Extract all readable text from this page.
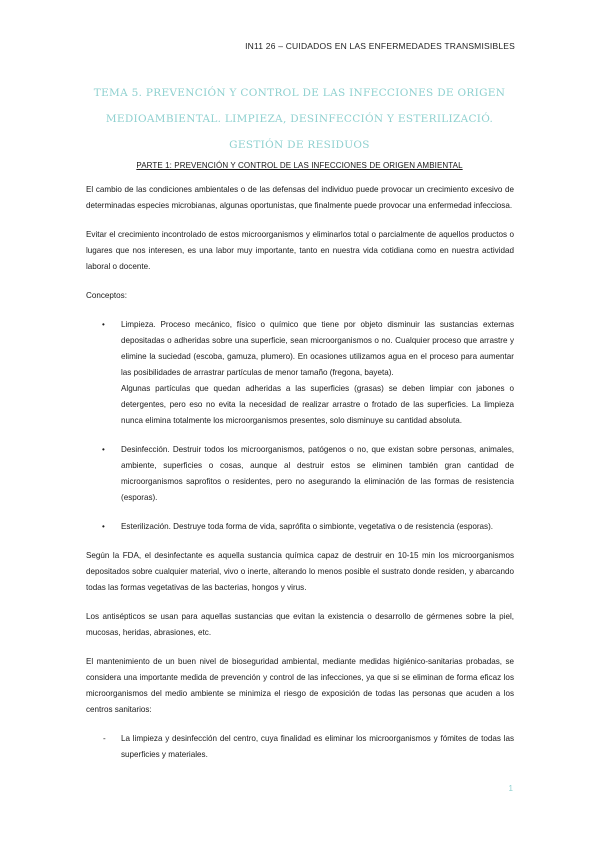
IN11 26 – CUIDADOS EN LAS ENFERMEDADES TRANSMISIBLES
TEMA 5. PREVENCIÓN Y CONTROL DE LAS INFECCIONES DE ORIGEN
MEDIOAMBIENTAL. LIMPIEZA, DESINFECCIÓN Y ESTERILIZACIÓ.
GESTIÓN DE RESIDUOS
PARTE 1: PREVENCIÓN Y CONTROL DE LAS INFECCIONES DE ORIGEN AMBIENTAL

El cambio de las condiciones ambientales o de las defensas del individuo puede provocar un crecimiento excesivo de determinadas especies microbianas, algunas oportunistas, que finalmente puede provocar una enfermedad infecciosa.

Evitar el crecimiento incontrolado de estos microorganismos y eliminarlos total o parcialmente de aquellos productos o lugares que nos interesen, es una labor muy importante, tanto en nuestra vida cotidiana como en nuestra actividad laboral o docente.

Conceptos:

• Limpieza. Proceso mecánico, físico o químico que tiene por objeto disminuir las sustancias externas depositadas o adheridas sobre una superficie, sean microorganismos o no. Cualquier proceso que arrastre y elimine la suciedad (escoba, gamuza, plumero). En ocasiones utilizamos agua en el proceso para aumentar las posibilidades de arrastrar partículas de menor tamaño (fregona, bayeta).

Algunas partículas que quedan adheridas a las superficies (grasas) se deben limpiar con jabones o detergentes, pero eso no evita la necesidad de realizar arrastre o frotado de las superficies. La limpieza nunca elimina totalmente los microorganismos presentes, solo disminuye su cantidad absoluta.

• Desinfección. Destruir todos los microorganismos, patógenos o no, que existan sobre personas, animales, ambiente, superficies o cosas, aunque al destruir estos se eliminen también gran cantidad de microorganismos saprofitos o residentes, pero no asegurando la eliminación de las formas de resistencia (esporas).

• Esterilización. Destruye toda forma de vida, saprófita o simbionte, vegetativa o de resistencia (esporas).

Según la FDA, el desinfectante es aquella sustancia química capaz de destruir en 10-15 min los microorganismos depositados sobre cualquier material, vivo o inerte, alterando lo menos posible el sustrato donde residen, y abarcando todas las formas vegetativas de las bacterias, hongos y virus.

Los antisépticos se usan para aquellas sustancias que evitan la existencia o desarrollo de gérmenes sobre la piel, mucosas, heridas, abrasiones, etc.

El mantenimiento de un buen nivel de bioseguridad ambiental, mediante medidas higiénico-sanitarias probadas, se considera una importante medida de prevención y control de las infecciones, ya que si se eliminan de forma eficaz los microorganismos del medio ambiente se minimiza el riesgo de exposición de todas las personas que acuden a los centros sanitarios:

- La limpieza y desinfección del centro, cuya finalidad es eliminar los microorganismos y fómites de todas las superficies y materiales.
1
